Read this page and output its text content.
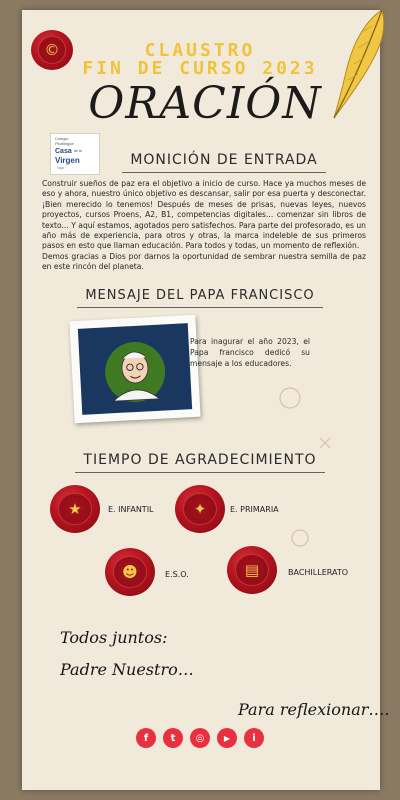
©	CLAUSTRO
FIN DE CURSO 2023
ORACIÓN
Colegio
Plurilingüe
Casa de la
Virgen
· Vigo ·	MONICIÓN DE ENTRADA

Construir sueños de paz era el objetivo a inicio de curso. Hace ya muchos meses de eso y ahora, nuestro único objetivo es descansar, salir por esa puerta y desconectar. ¡Bien merecido lo tenemos! Después de meses de prisas, nuevas leyes, nuevos proyectos, cursos Proens, A2, B1, competencias digitales... comenzar sin libros de texto... Y aquí estamos, agotados pero satisfechos. Para parte del profesorado, es un año más de experiencia, para otros y otras, la marca indeleble de sus primeros pasos en esto que llaman educación. Para todos y todas, un momento de reflexión.

Demos gracias a Dios por darnos la oportunidad de sembrar nuestra semilla de paz en este rincón del planeta.

MENSAJE DEL PAPA FRANCISCO
Para inagurar el año 2023, el Papa francisco dedicó su mensaje a los educadores.
TIEMPO DE AGRADECIMIENTO
★	E. INFANTIL	✦	E. PRIMARIA
☻	E.S.O.	▤	BACHILLERATO
Todos juntos:
Padre Nuestro…
Para reflexionar….
f	t	◎	▶	i
